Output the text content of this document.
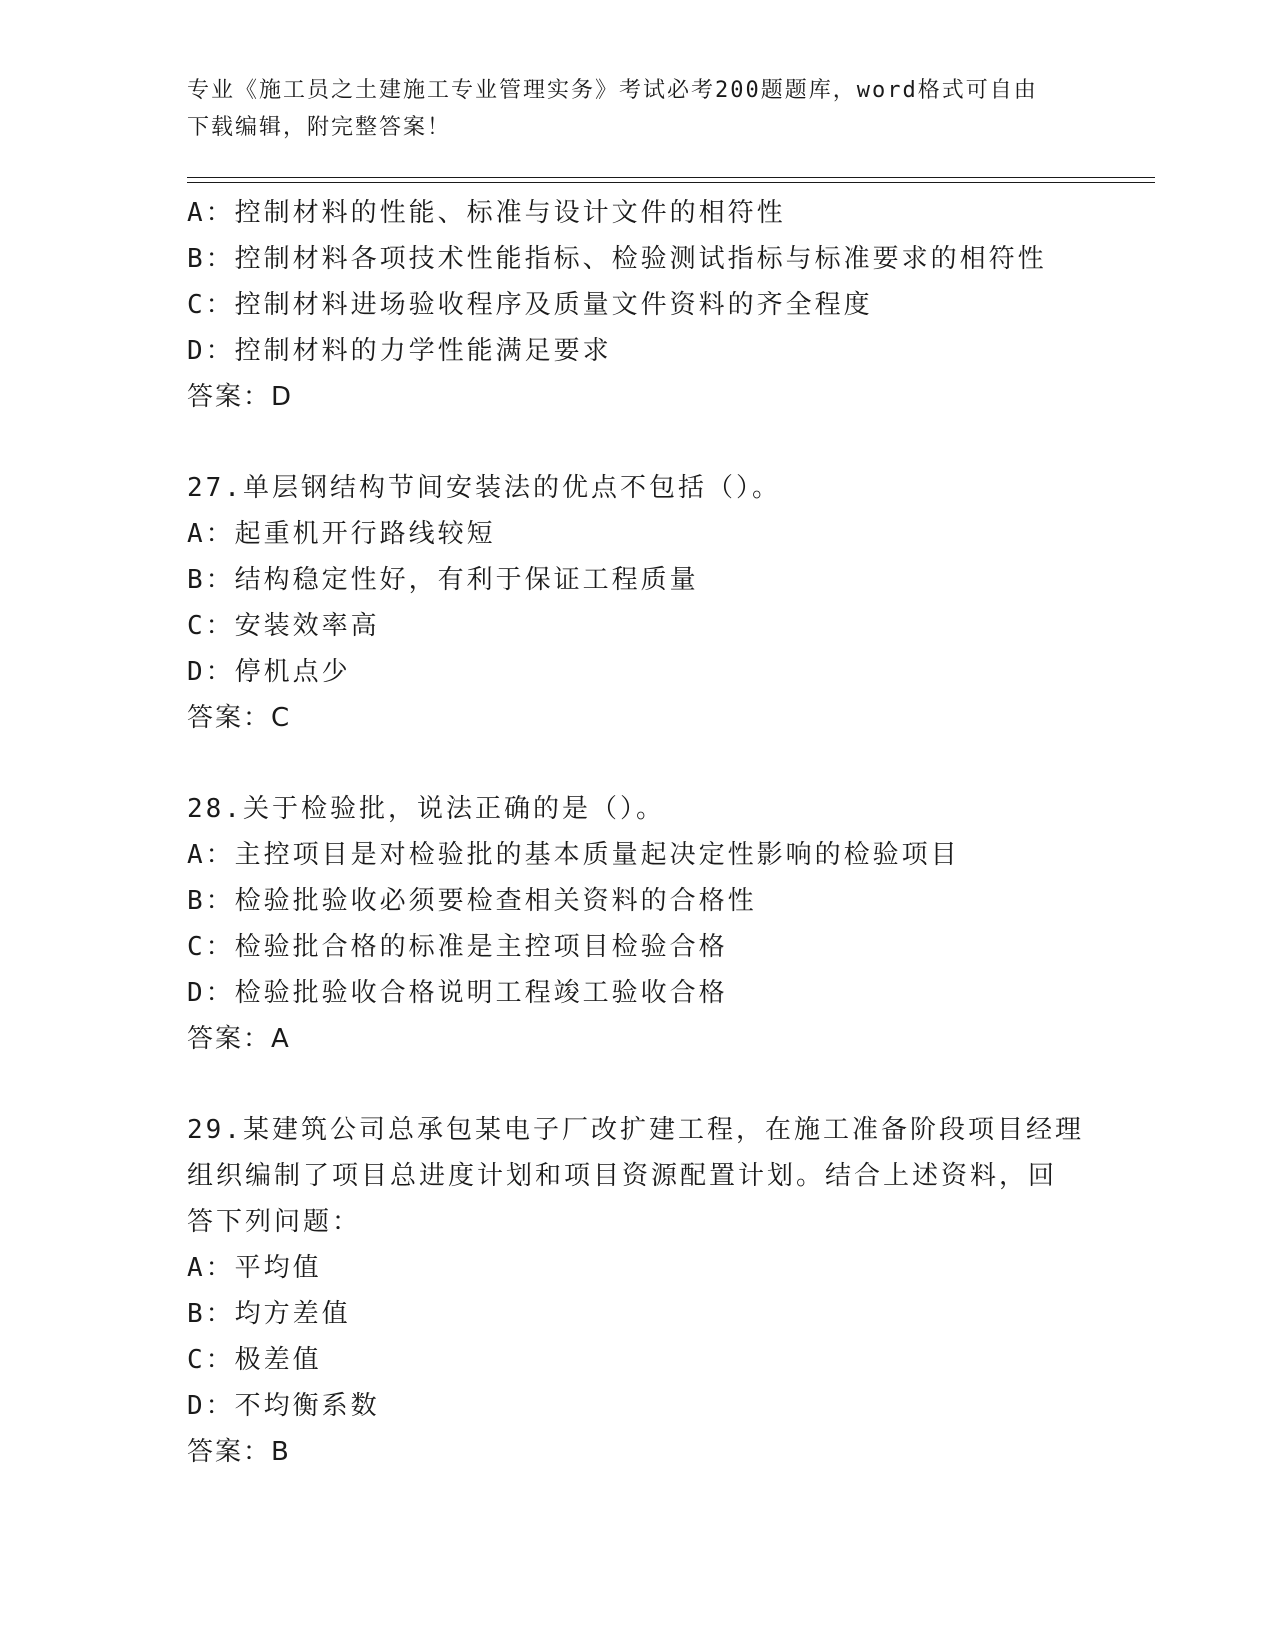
专业《施工员之土建施工专业管理实务》考试必考200题题库，word格式可自由
下载编辑，附完整答案！
A：控制材料的性能、标准与设计文件的相符性
B：控制材料各项技术性能指标、检验测试指标与标准要求的相符性
C：控制材料进场验收程序及质量文件资料的齐全程度
D：控制材料的力学性能满足要求
答案：D
27.单层钢结构节间安装法的优点不包括（）。
A：起重机开行路线较短
B：结构稳定性好，有利于保证工程质量
C：安装效率高
D：停机点少
答案：C
28.关于检验批，说法正确的是（）。
A：主控项目是对检验批的基本质量起决定性影响的检验项目
B：检验批验收必须要检查相关资料的合格性
C：检验批合格的标准是主控项目检验合格
D：检验批验收合格说明工程竣工验收合格
答案：A
29.某建筑公司总承包某电子厂改扩建工程，在施工准备阶段项目经理
组织编制了项目总进度计划和项目资源配置计划。结合上述资料，回
答下列问题：
A：平均值
B：均方差值
C：极差值
D：不均衡系数
答案：B
